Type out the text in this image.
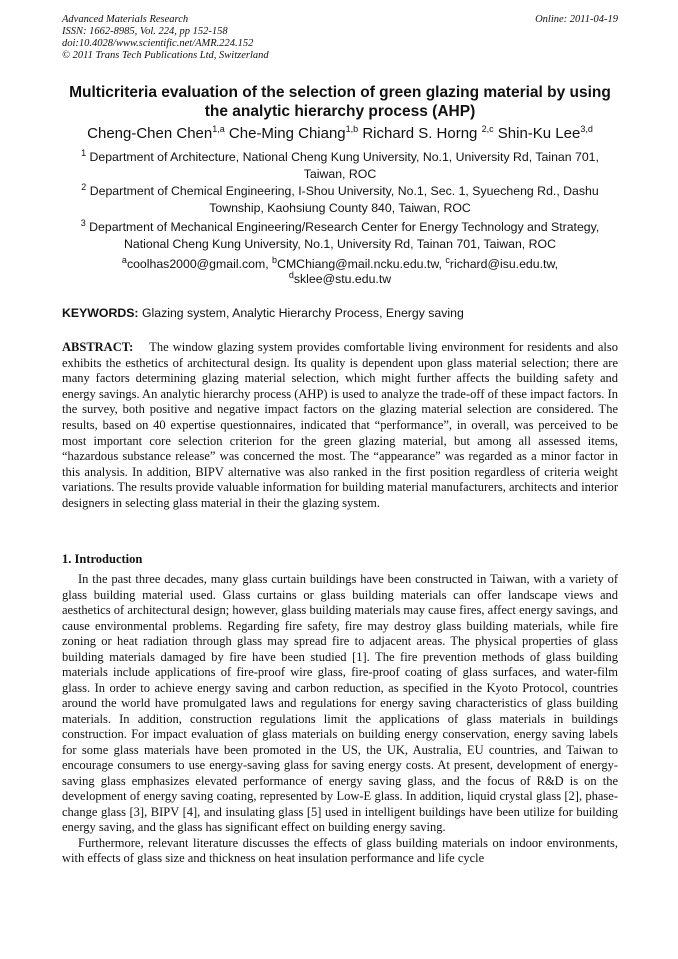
Advanced Materials Research
ISSN: 1662-8985, Vol. 224, pp 152-158
doi:10.4028/www.scientific.net/AMR.224.152
© 2011 Trans Tech Publications Ltd, Switzerland
Online: 2011-04-19
Multicriteria evaluation of the selection of green glazing material by using the analytic hierarchy process (AHP)
Cheng-Chen Chen$^{1,a}$ Che-Ming Chiang$^{1,b}$ Richard S. Horng $^{2,c}$ Shin-Ku Lee$^{3,d}$
$^1$ Department of Architecture, National Cheng Kung University, No.1, University Rd, Tainan 701, Taiwan, ROC
$^2$ Department of Chemical Engineering, I-Shou University, No.1, Sec. 1, Syuecheng Rd., Dashu Township, Kaohsiung County 840, Taiwan, ROC
$^3$ Department of Mechanical Engineering/Research Center for Energy Technology and Strategy, National Cheng Kung University, No.1, University Rd, Tainan 701, Taiwan, ROC
$^a$coolhas2000@gmail.com, $^b$CMChiang@mail.ncku.edu.tw, $^c$richard@isu.edu.tw,
$^d$sklee@stu.edu.tw
KEYWORDS: Glazing system, Analytic Hierarchy Process, Energy saving
ABSTRACT: The window glazing system provides comfortable living environment for residents and also exhibits the esthetics of architectural design. Its quality is dependent upon glass material selection; there are many factors determining glazing material selection, which might further affects the building safety and energy savings. An analytic hierarchy process (AHP) is used to analyze the trade-off of these impact factors. In the survey, both positive and negative impact factors on the glazing material selection are considered. The results, based on 40 expertise questionnaires, indicated that “performance”, in overall, was perceived to be most important core selection criterion for the green glazing material, but among all assessed items, “hazardous substance release” was concerned the most. The “appearance” was regarded as a minor factor in this analysis. In addition, BIPV alternative was also ranked in the first position regardless of criteria weight variations. The results provide valuable information for building material manufacturers, architects and interior designers in selecting glass material in their the glazing system.
1. Introduction

In the past three decades, many glass curtain buildings have been constructed in Taiwan, with a variety of glass building material used. Glass curtains or glass building materials can offer landscape views and aesthetics of architectural design; however, glass building materials may cause fires, affect energy savings, and cause environmental problems. Regarding fire safety, fire may destroy glass building materials, while fire zoning or heat radiation through glass may spread fire to adjacent areas. The physical properties of glass building materials damaged by fire have been studied [1]. The fire prevention methods of glass building materials include applications of fire-proof wire glass, fire-proof coating of glass surfaces, and water-film glass. In order to achieve energy saving and carbon reduction, as specified in the Kyoto Protocol, countries around the world have promulgated laws and regulations for energy saving characteristics of glass building materials. In addition, construction regulations limit the applications of glass materials in buildings construction. For impact evaluation of glass materials on building energy conservation, energy saving labels for some glass materials have been promoted in the US, the UK, Australia, EU countries, and Taiwan to encourage consumers to use energy-saving glass for saving energy costs. At present, development of energy-saving glass emphasizes elevated performance of energy saving glass, and the focus of R&D is on the development of energy saving coating, represented by Low-E glass. In addition, liquid crystal glass [2], phase-change glass [3], BIPV [4], and insulating glass [5] used in intelligent buildings have been utilize for building energy saving, and the glass has significant effect on building energy saving.

Furthermore, relevant literature discusses the effects of glass building materials on indoor environments, with effects of glass size and thickness on heat insulation performance and life cycle
